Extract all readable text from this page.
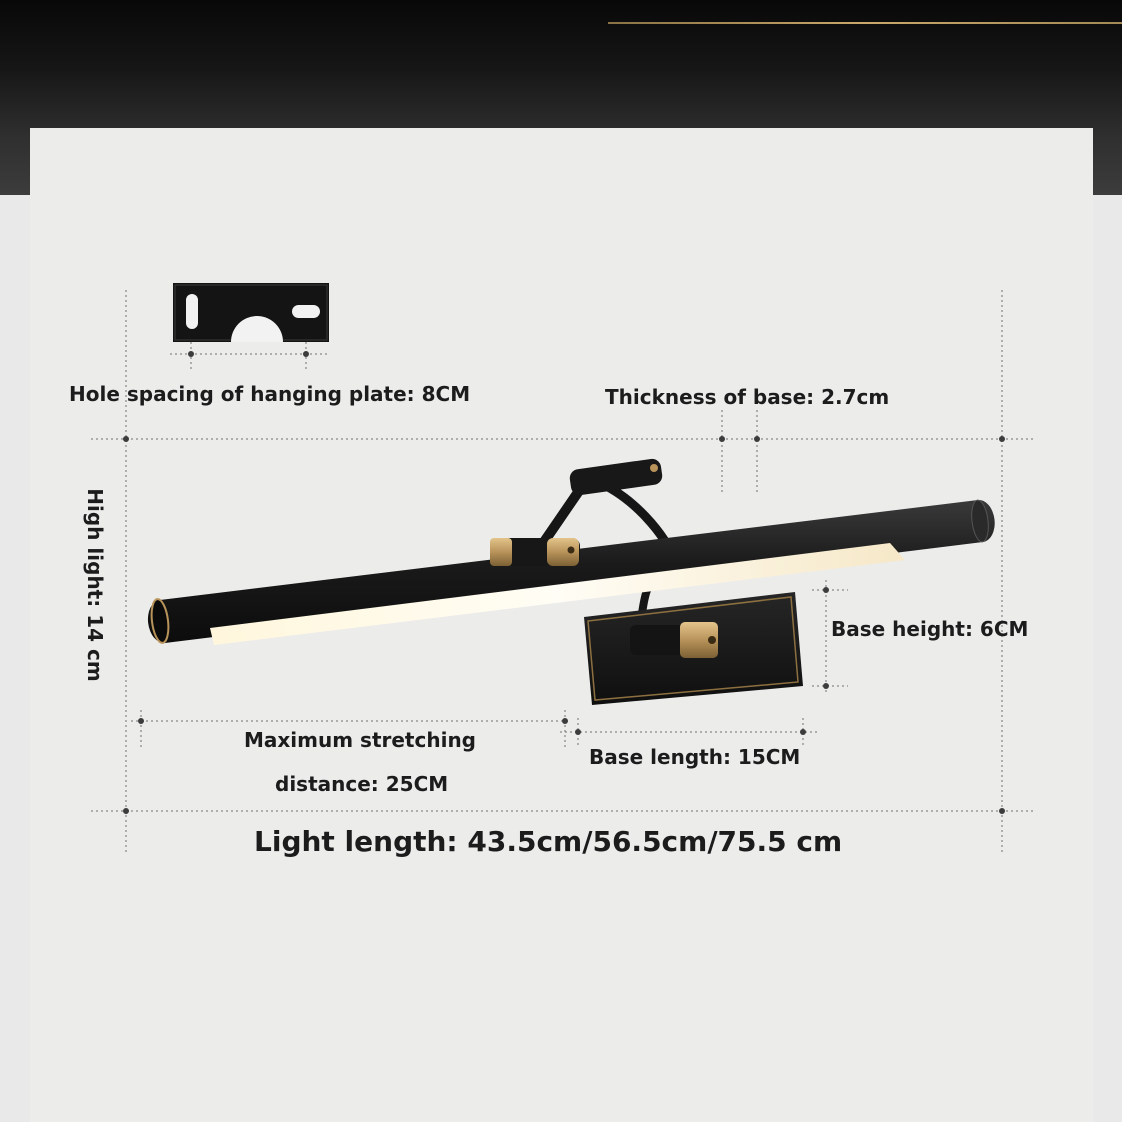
Hole spacing of hanging plate: 8CM	Thickness of base: 2.7cm
High light: 14 cm	Base height: 6CM
Maximum stretching
distance: 25CM
Base length: 15CM
Light length: 43.5cm/56.5cm/75.5 cm
